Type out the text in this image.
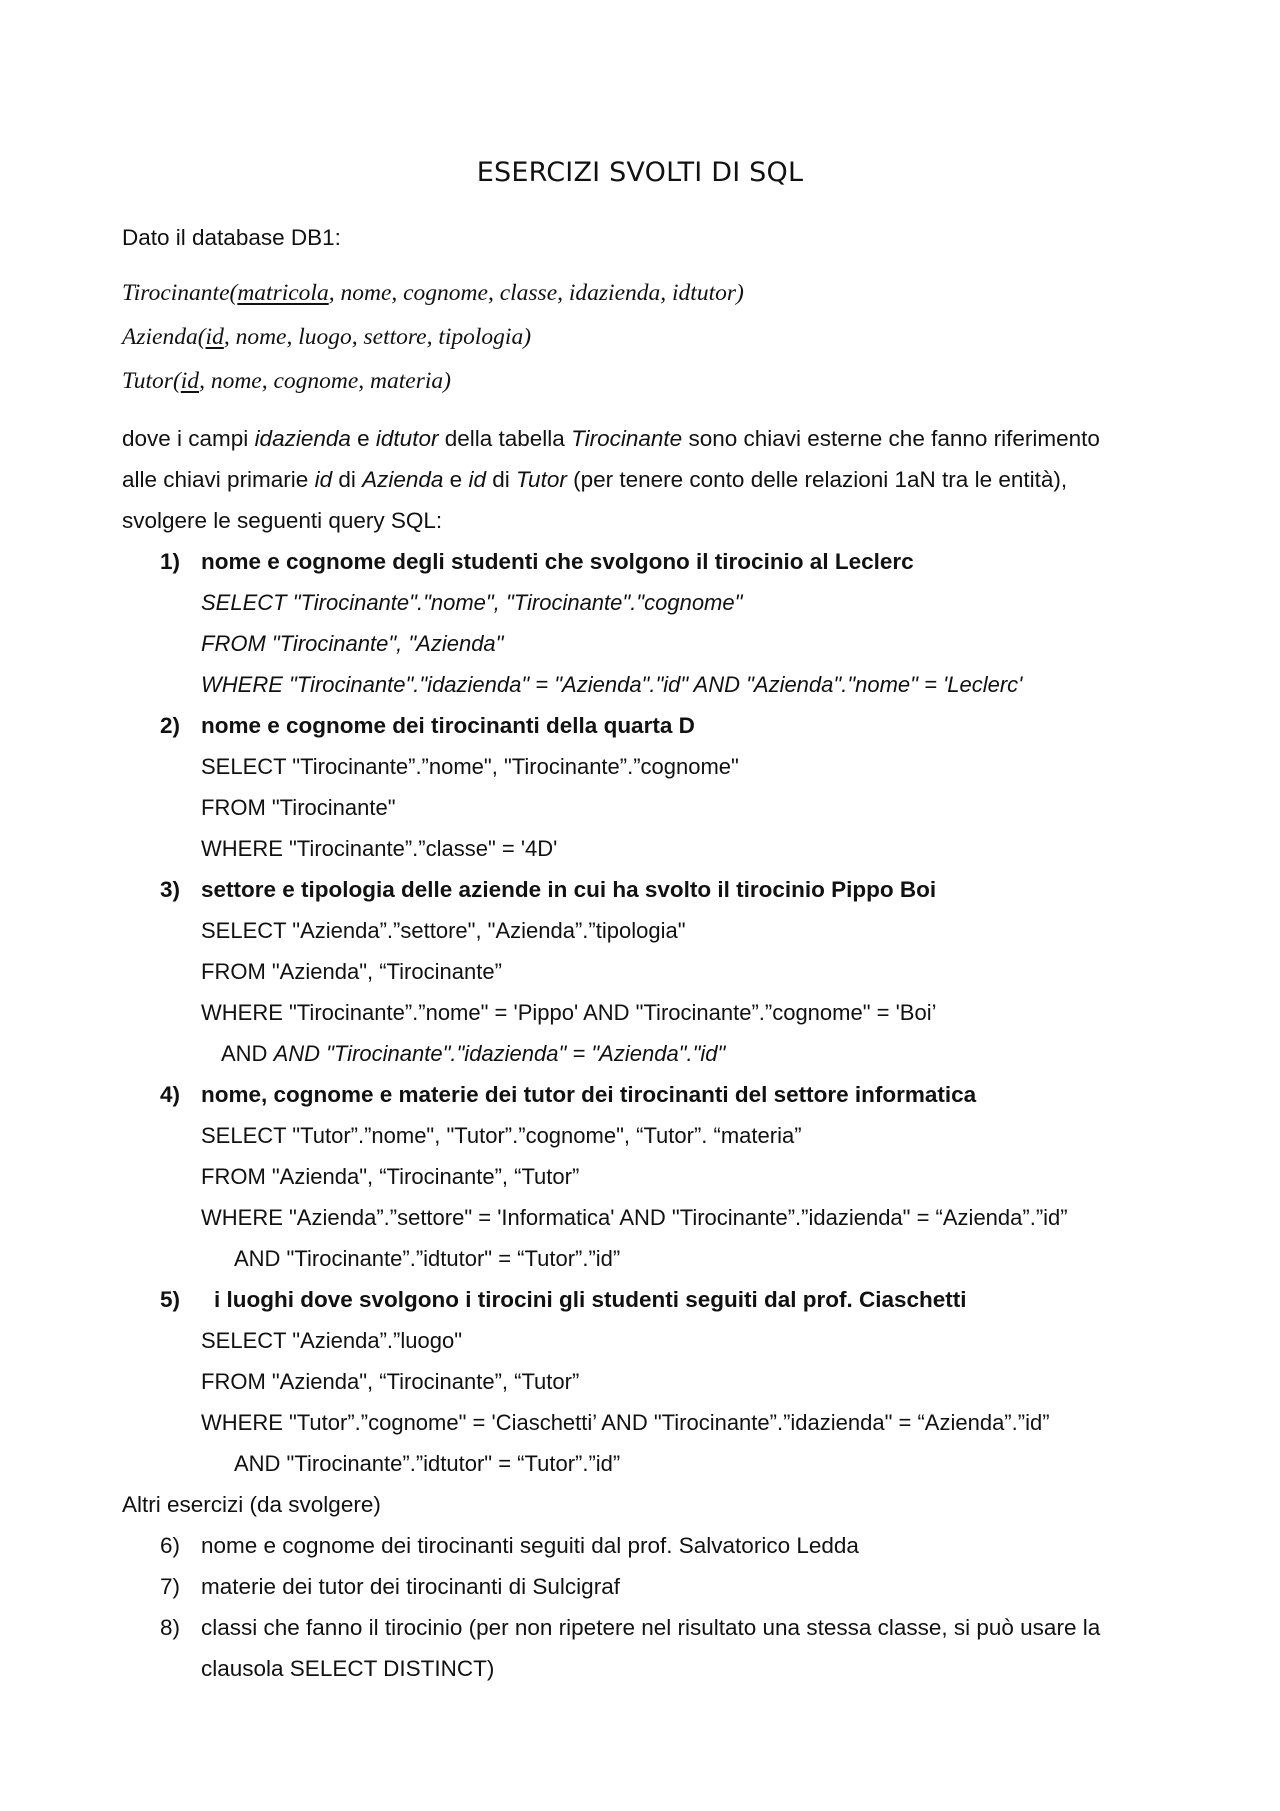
ESERCIZI SVOLTI DI SQL
Dato il database DB1:
Tirocinante(matricola, nome, cognome, classe, idazienda, idtutor)
Azienda(id, nome, luogo, settore, tipologia)
Tutor(id, nome, cognome, materia)
dove i campi idazienda e idtutor della tabella Tirocinante sono chiavi esterne che fanno riferimento
alle chiavi primarie id di Azienda e id di Tutor (per tenere conto delle relazioni 1aN tra le entità),
svolgere le seguenti query SQL:
1) nome e cognome degli studenti che svolgono il tirocinio al Leclerc
SELECT "Tirocinante"."nome", "Tirocinante"."cognome"
FROM "Tirocinante", "Azienda"
WHERE "Tirocinante"."idazienda" = "Azienda"."id" AND "Azienda"."nome" = 'Leclerc'
2) nome e cognome dei tirocinanti della quarta D
SELECT "Tirocinante”.”nome", "Tirocinante”.”cognome"
FROM "Tirocinante"
WHERE "Tirocinante”.”classe" = '4D'
3) settore e tipologia delle aziende in cui ha svolto il tirocinio Pippo Boi
SELECT "Azienda”.”settore", "Azienda”.”tipologia"
FROM "Azienda", “Tirocinante”
WHERE "Tirocinante”.”nome" = 'Pippo' AND "Tirocinante”.”cognome" = 'Boi’
AND AND "Tirocinante"."idazienda" = "Azienda"."id"
4) nome, cognome e materie dei tutor dei tirocinanti del settore informatica
SELECT "Tutor”.”nome", "Tutor”.”cognome", “Tutor”. “materia”
FROM "Azienda", “Tirocinante”, “Tutor”
WHERE "Azienda”.”settore" = 'Informatica' AND "Tirocinante”.”idazienda" = “Azienda”.”id”
AND "Tirocinante”.”idtutor" = “Tutor”.”id”
5) i luoghi dove svolgono i tirocini gli studenti seguiti dal prof. Ciaschetti
SELECT "Azienda”.”luogo"
FROM "Azienda", “Tirocinante”, “Tutor”
WHERE "Tutor”.”cognome" = 'Ciaschetti’ AND "Tirocinante”.”idazienda" = “Azienda”.”id”
AND "Tirocinante”.”idtutor" = “Tutor”.”id”
Altri esercizi (da svolgere)
6) nome e cognome dei tirocinanti seguiti dal prof. Salvatorico Ledda
7) materie dei tutor dei tirocinanti di Sulcigraf
8) classi che fanno il tirocinio (per non ripetere nel risultato una stessa classe, si può usare la
clausola SELECT DISTINCT)
